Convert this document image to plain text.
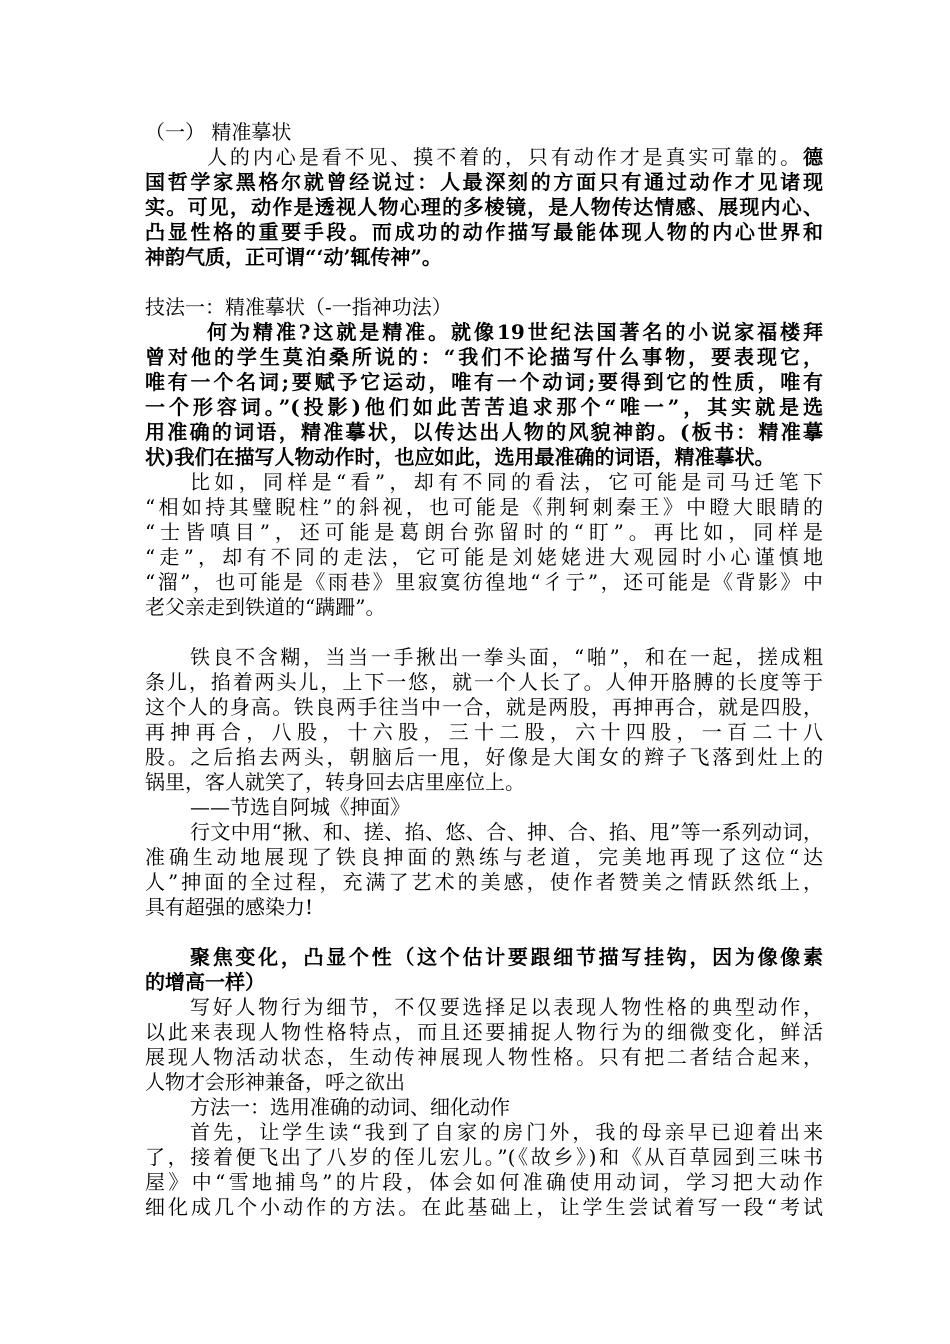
（一） 精准摹状
人的内心是看不见、摸不着的，只有动作才是真实可靠的。德
国哲学家黑格尔就曾经说过：人最深刻的方面只有通过动作才见诸现
实。可见，动作是透视人物心理的多棱镜，是人物传达情感、展现内心、
凸显性格的重要手段。而成功的动作描写最能体现人物的内心世界和
神韵气质，正可谓“‘动’辄传神”。
技法一：精准摹状（-一指神功法）
何为精准?这就是精准。就像19世纪法国著名的小说家福楼拜
曾对他的学生莫泊桑所说的：“我们不论描写什么事物，要表现它，
唯有一个名词;要赋予它运动，唯有一个动词;要得到它的性质，唯有
一个形容词。”(投影)他们如此苦苦追求那个“唯一”，其实就是选
用准确的词语，精准摹状，以传达出人物的风貌神韵。(板书：精准摹
状)我们在描写人物动作时，也应如此，选用最准确的词语，精准摹状。
比如，同样是“看”，却有不同的看法，它可能是司马迁笔下
“相如持其璧睨柱”的斜视，也可能是《荆轲刺秦王》中瞪大眼睛的
“士皆嗔目”，还可能是葛朗台弥留时的“盯”。再比如，同样是
“走”，却有不同的走法，它可能是刘姥姥进大观园时小心谨慎地
“溜”，也可能是《雨巷》里寂寞彷徨地“彳亍”，还可能是《背影》中
老父亲走到铁道的“蹒跚”。
铁良不含糊，当当一手揪出一拳头面，“啪”，和在一起，搓成粗
条儿，掐着两头儿，上下一悠，就一个人长了。人伸开胳膊的长度等于
这个人的身高。铁良两手往当中一合，就是两股，再抻再合，就是四股，
再抻再合，八股，十六股，三十二股，六十四股，一百二十八
股。之后掐去两头，朝脑后一甩，好像是大闺女的辫子飞落到灶上的
锅里，客人就笑了，转身回去店里座位上。
——节选自阿城《抻面》
行文中用“揪、和、搓、掐、悠、合、抻、合、掐、甩”等一系列动词，
准确生动地展现了铁良抻面的熟练与老道，完美地再现了这位“达
人”抻面的全过程，充满了艺术的美感，使作者赞美之情跃然纸上，
具有超强的感染力!
聚焦变化，凸显个性（这个估计要跟细节描写挂钩，因为像像素
的增高一样）
写好人物行为细节，不仅要选择足以表现人物性格的典型动作，
以此来表现人物性格特点，而且还要捕捉人物行为的细微变化，鲜活
展现人物活动状态，生动传神展现人物性格。只有把二者结合起来，
人物才会形神兼备，呼之欲出
方法一：选用准确的动词、细化动作
首先，让学生读“我到了自家的房门外，我的母亲早已迎着出来
了，接着便飞出了八岁的侄儿宏儿。”(《故乡》)和《从百草园到三味书
屋》中“雪地捕鸟”的片段，体会如何准确使用动词，学习把大动作
细化成几个小动作的方法。在此基础上，让学生尝试着写一段“考试
